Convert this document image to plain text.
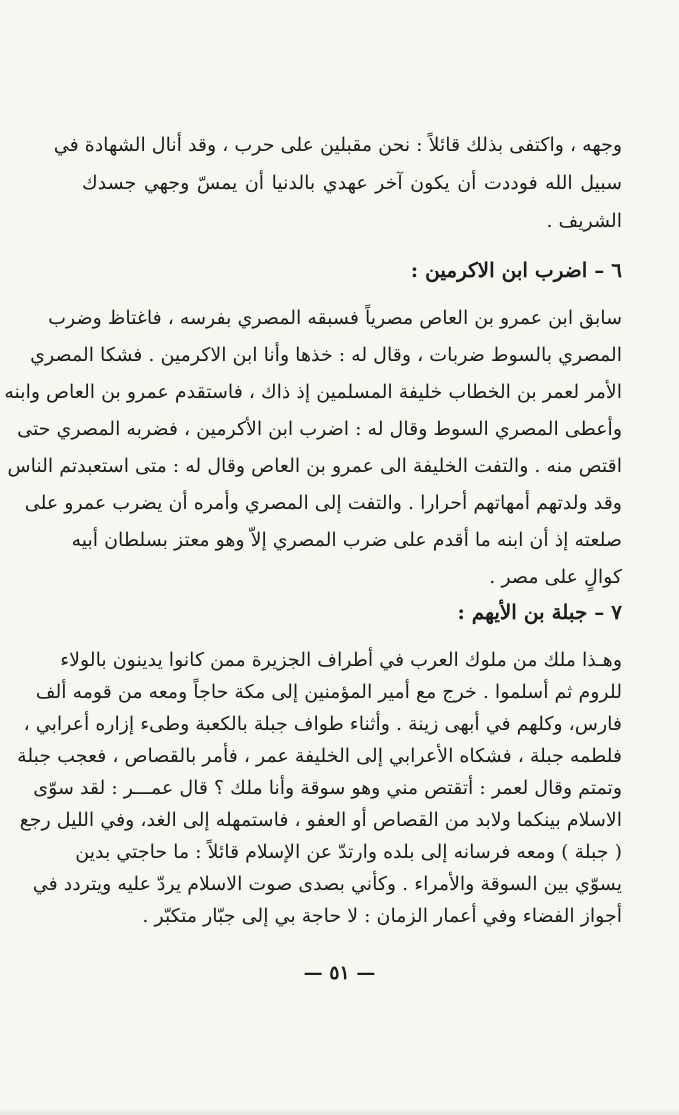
وجهه ، واكتفى بذلك قائلاً : نحن مقبلين على حرب ، وقد أنال الشهادة في
سبيل الله فوددت أن يكون آخر عهدي بالدنيا أن يمسّ وجهي جسدك
الشريف .
٦ – اضرب ابن الاكرمين :
سابق ابن عمرو بن العاص مصرياً فسبقه المصري بفرسه ، فاغتاظ وضرب
المصري بالسوط ضربات ، وقال له : خذها وأنا ابن الاكرمين . فشكا المصري
الأمر لعمر بن الخطاب خليفة المسلمين إذ ذاك ، فاستقدم عمرو بن العاص وابنه
وأعطى المصري السوط وقال له : اضرب ابن الأكرمين ، فضربه المصري حتى
اقتص منه . والتفت الخليفة الى عمرو بن العاص وقال له : متى استعبدتم الناس
وقد ولدتهم أمهاتهم أحرارا . والتفت إلى المصري وأمره أن يضرب عمرو على
صلعته إذ أن ابنه ما أقدم على ضرب المصري إلاّ وهو معتز بسلطان أبيه
كوالٍ على مصر .
٧ – جبلة بن الأيهم :
وهـذا ملك من ملوك العرب في أطراف الجزيرة ممن كانوا يدينون بالولاء
للروم ثم أسلموا . خرج مع أمير المؤمنين إلى مكة حاجاً ومعه من قومه ألف
فارس، وكلهم في أبهى زينة . وأثناء طواف جبلة بالكعبة وطىء إزاره أعرابي ،
فلطمه جبلة ، فشكاه الأعرابي إلى الخليفة عمر ، فأمر بالقصاص ، فعجب جبلة
وتمتم وقال لعمر : أتقتص مني وهو سوقة وأنا ملك ؟ قال عمـــر : لقد سوّى
الاسلام بينكما ولابد من القصاص أو العفو ، فاستمهله إلى الغد، وفي الليل رجع
( جبلة ) ومعه فرسانه إلى بلده وارتدّ عن الإسلام قائلاً : ما حاجتي بدين
يسوّي بين السوقة والأمراء . وكأني بصدى صوت الاسلام يردّ عليه ويتردد في
أجواز الفضاء وفي أعمار الزمان : لا حاجة بي إلى جبّار متكبّر .
— ٥١ —
